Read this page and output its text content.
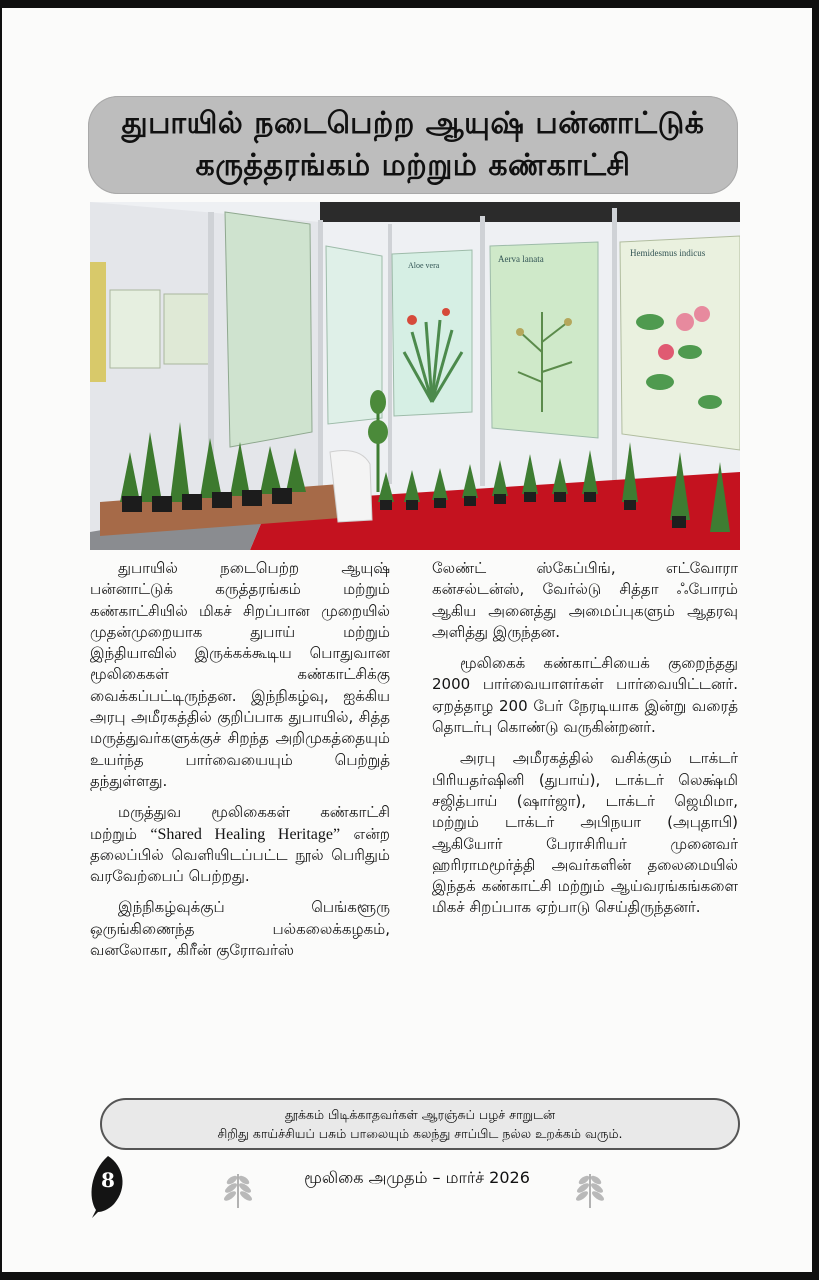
துபாயில் நடைபெற்ற ஆயுஷ் பன்னாட்டுக்
கருத்தரங்கம் மற்றும் கண்காட்சி
Aloe vera
Aerva lanata
Hemidesmus indicus

துபாயில் நடைபெற்ற ஆயுஷ் பன்னாட்டுக் கருத்தரங்கம் மற்றும் கண்காட்சியில் மிகச் சிறப்பான முறையில் முதன்முறையாக துபாய் மற்றும் இந்தியாவில் இருக்கக்கூடிய பொதுவான மூலிகைகள் கண்காட்சிக்கு வைக்கப்பட்டிருந்தன. இந்நிகழ்வு, ஐக்கிய அரபு அமீரகத்தில் குறிப்பாக துபாயில், சித்த மருத்துவர்களுக்குச் சிறந்த அறிமுகத்தையும் உயர்ந்த பார்வையையும் பெற்றுத் தந்துள்ளது.

மருத்துவ மூலிகைகள் கண்காட்சி மற்றும் “Shared Healing Heritage” என்ற தலைப்பில் வெளியிடப்பட்ட நூல் பெரிதும் வரவேற்பைப் பெற்றது.

இந்நிகழ்வுக்குப் பெங்களூரு ஒருங்கிணைந்த பல்கலைக்கழகம், வனலோகா, கிரீன் குரோவர்ஸ்

லேண்ட் ஸ்கேப்பிங், எட்வோரா கன்சல்டன்ஸ், வேர்ல்டு சித்தா ஃபோரம் ஆகிய அனைத்து அமைப்புகளும் ஆதரவு அளித்து இருந்தன.

மூலிகைக் கண்காட்சியைக் குறைந்தது 2000 பார்வையாளர்கள் பார்வையிட்டனர். ஏறத்தாழ 200 பேர் நேரடியாக இன்று வரைத் தொடர்பு கொண்டு வருகின்றனர்.

அரபு அமீரகத்தில் வசிக்கும் டாக்டர் பிரியதர்ஷினி (துபாய்), டாக்டர் லெக்ஷ்மி சஜித்பாய் (ஷார்ஜா), டாக்டர் ஜெமிமா, மற்றும் டாக்டர் அபிநயா (அபுதாபி) ஆகியோர் பேராசிரியர் முனைவர் ஹரிராமமூர்த்தி அவர்களின் தலைமையில் இந்தக் கண்காட்சி மற்றும் ஆய்வரங்கங்களை மிகச் சிறப்பாக ஏற்பாடு செய்திருந்தனர்.

தூக்கம் பிடிக்காதவர்கள் ஆரஞ்சுப் பழச் சாறுடன்
சிறிது காய்ச்சியப் பசும் பாலையும் கலந்து சாப்பிட நல்ல உறக்கம் வரும்.
8	மூலிகை அமுதம் – மார்ச் 2026
